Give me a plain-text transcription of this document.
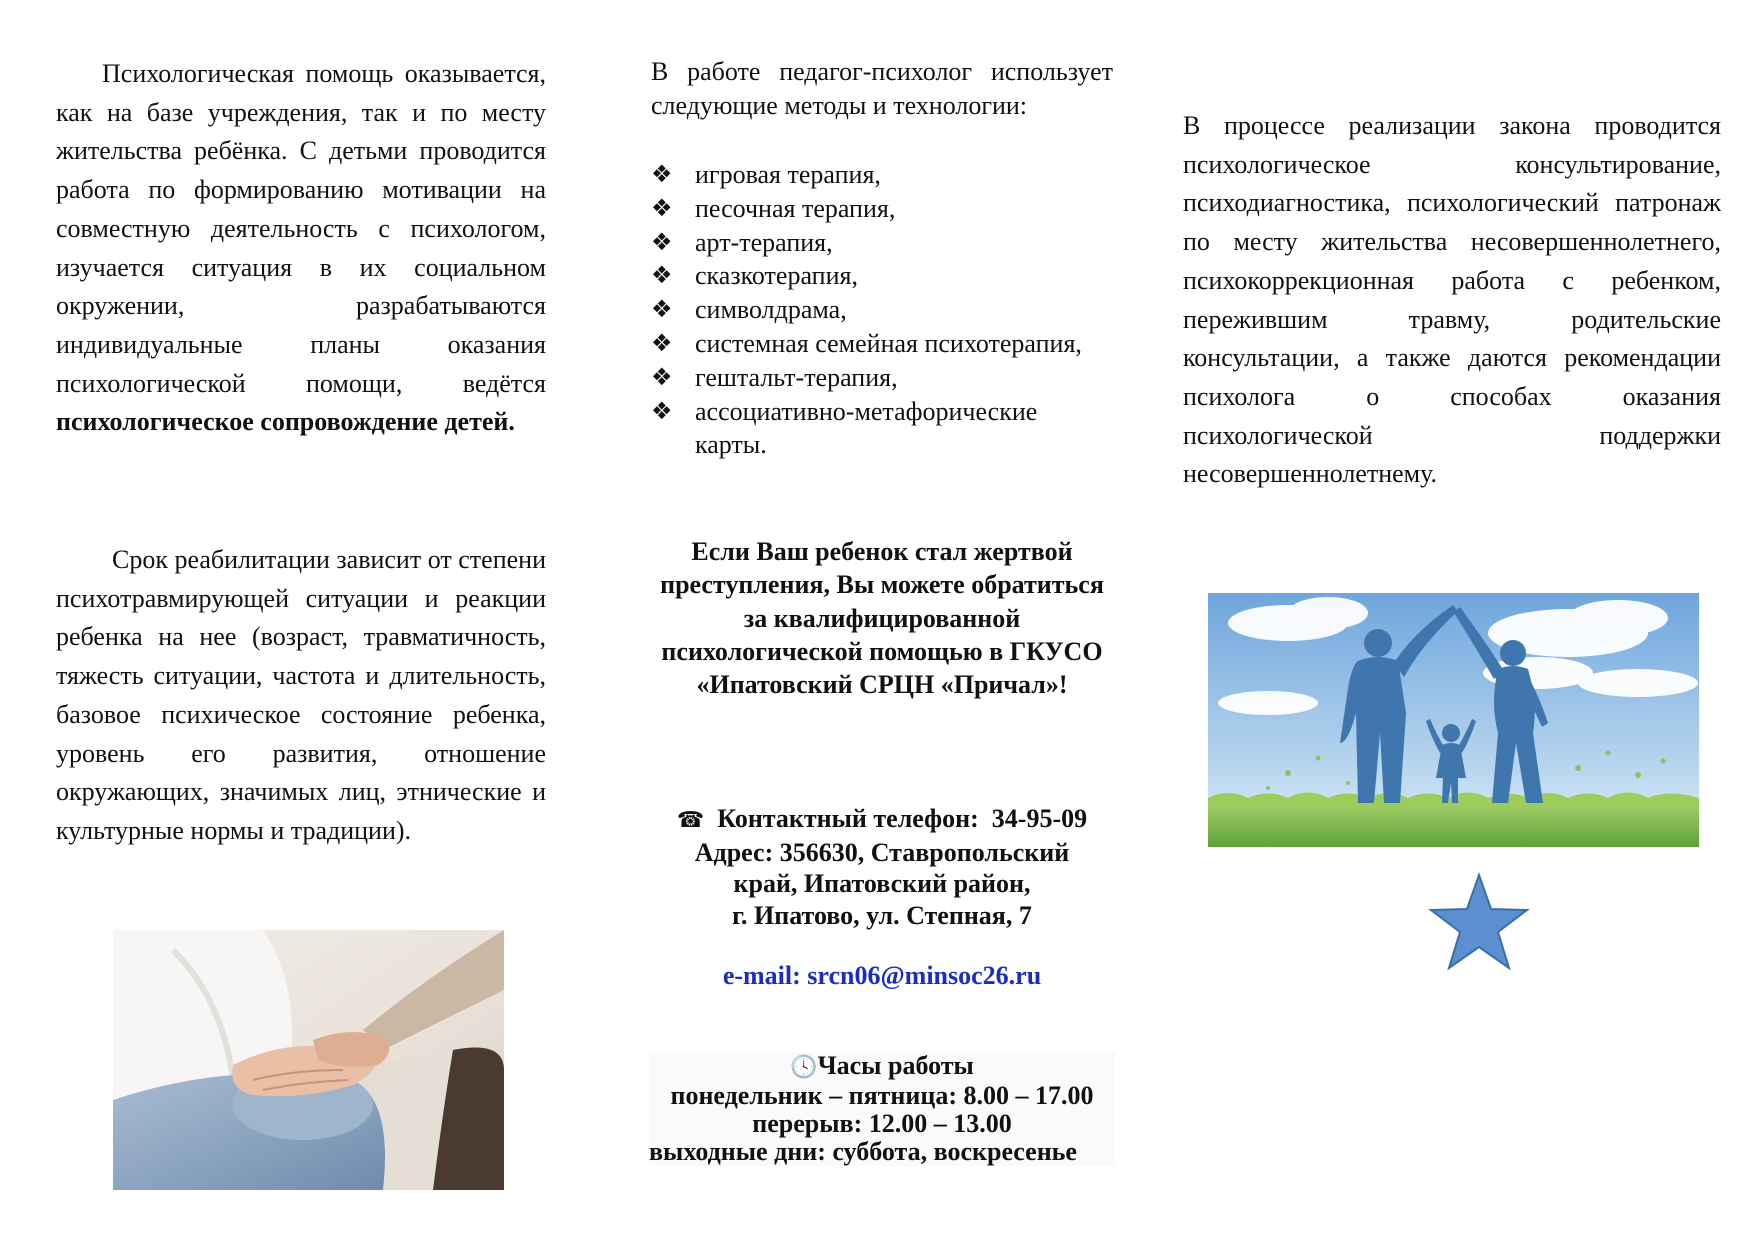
Психологическая помощь оказывается, как на базе учреждения, так и по месту жительства ребёнка. С детьми проводится работа по формированию мотивации на совместную деятельность с психологом, изучается ситуация в их социальном окружении, разрабатываются индивидуальные планы оказания психологической помощи, ведётся психологическое сопровождение детей.

Срок реабилитации зависит от степени психотравмирующей ситуации и реакции ребенка на нее (возраст, травматичность, тяжесть ситуации, частота и длительность, базовое психическое состояние ребенка, уровень его развития, отношение окружающих, значимых лиц, этнические и культурные нормы и традиции).

В работе педагог-психолог использует следующие методы и технологии:

❖ игровая терапия,
❖ песочная терапия,
❖ арт-терапия,
❖ сказкотерапия,
❖ символдрама,
❖ системная семейная психотерапия,
❖ гештальт-терапия,
❖ ассоциативно-метафорические карты.

Если Ваш ребенок стал жертвой преступления, Вы можете обратиться за квалифицированной психологической помощью в ГКУСО «Ипатовский СРЦН «Причал»!

☎ Контактный телефон: 34-95-09

Адрес: 356630, Ставропольский

край, Ипатовский район,

г. Ипатово, ул. Степная, 7

e-mail: srcn06@minsoc26.ru

🕓Часы работы

понедельник – пятница: 8.00 – 17.00

перерыв: 12.00 – 13.00

выходные дни: суббота, воскресенье

В процессе реализации закона проводится психологическое консультирование, психодиагностика, психологический патронаж по месту жительства несовершеннолетнего, психокоррекционная работа с ребенком, пережившим травму, родительские консультации, а также даются рекомендации психолога о способах оказания психологической поддержки несовершеннолетнему.
